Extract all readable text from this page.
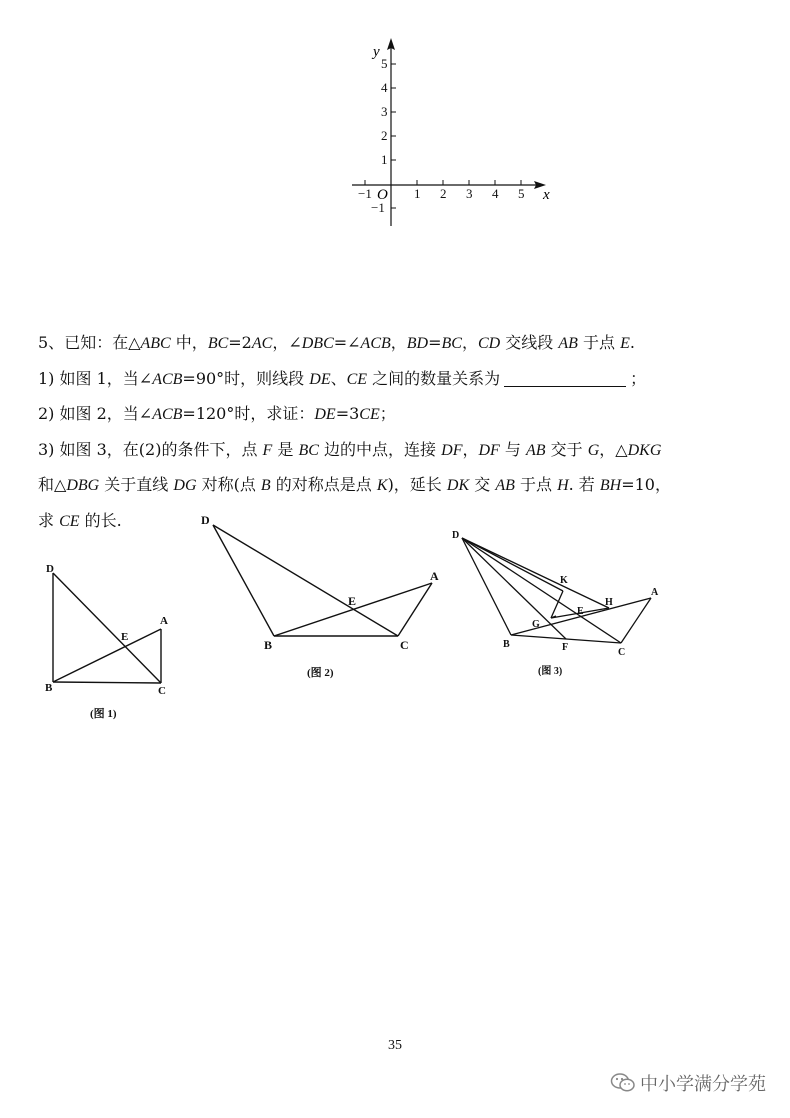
−1	1 2 3 4 5
−1
1
2
3
4
5
O	x
y
5、已知：在△ABC 中，BC=2AC，∠DBC=∠ACB，BD=BC，CD 交线段 AB 于点 E.
1) 如图 1，当∠ACB=90°时，则线段 DE、CE 之间的数量关系为	；
2) 如图 2，当∠ACB=120°时，求证：DE=3CE；
3) 如图 3，在(2)的条件下，点 F 是 BC 边的中点，连接 DF，DF 与 AB 交于 G，△DKG
和△DBG 关于直线 DG 对称(点 B 的对称点是点 K)，延长 DK 交 AB 于点 H. 若 BH=10，
求 CE 的长.
D
E
A
B	C
(图 1)
D
E
A
B	C
(图 2)
D
K
H
A
E
G
B	F	C
(图 3)
35
中小学满分学苑
